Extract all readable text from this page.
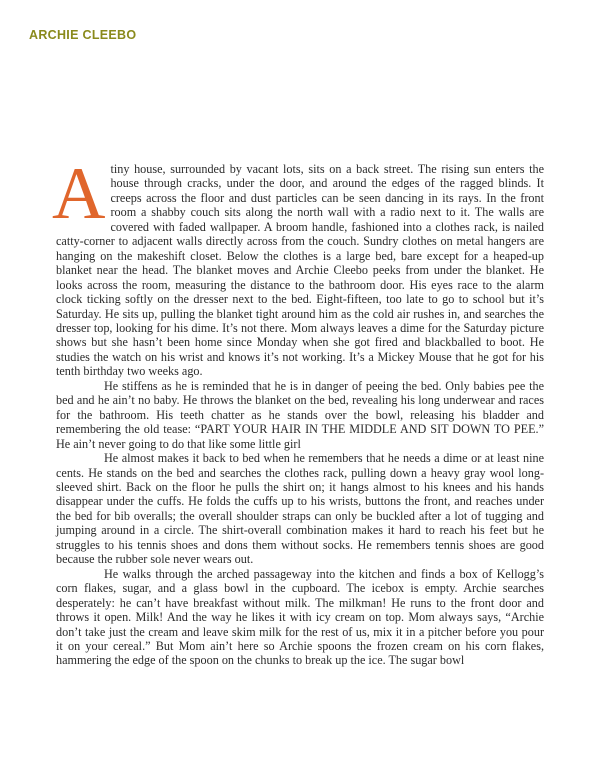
ARCHIE CLEEBO

A tiny house, surrounded by vacant lots, sits on a back street. The rising sun enters the house through cracks, under the door, and around the edges of the ragged blinds. It creeps across the floor and dust particles can be seen dancing in its rays. In the front room a shabby couch sits along the north wall with a radio next to it. The walls are covered with faded wallpaper. A broom handle, fashioned into a clothes rack, is nailed catty-corner to adjacent walls directly across from the couch. Sundry clothes on metal hangers are hanging on the makeshift closet. Below the clothes is a large bed, bare except for a heaped-up blanket near the head. The blanket moves and Archie Cleebo peeks from under the blanket. He looks across the room, measuring the distance to the bathroom door. His eyes race to the alarm clock ticking softly on the dresser next to the bed. Eight-fifteen, too late to go to school but it’s Saturday. He sits up, pulling the blanket tight around him as the cold air rushes in, and searches the dresser top, looking for his dime. It’s not there. Mom always leaves a dime for the Saturday picture shows but she hasn’t been home since Monday when she got fired and blackballed to boot. He studies the watch on his wrist and knows it’s not working. It’s a Mickey Mouse that he got for his tenth birthday two weeks ago.

He stiffens as he is reminded that he is in danger of peeing the bed. Only babies pee the bed and he ain’t no baby. He throws the blanket on the bed, revealing his long underwear and races for the bathroom. His teeth chatter as he stands over the bowl, releasing his bladder and remembering the old tease: “PART YOUR HAIR IN THE MIDDLE AND SIT DOWN TO PEE.” He ain’t never going to do that like some little girl

He almost makes it back to bed when he remembers that he needs a dime or at least nine cents. He stands on the bed and searches the clothes rack, pulling down a heavy gray wool long-sleeved shirt. Back on the floor he pulls the shirt on; it hangs almost to his knees and his hands disappear under the cuffs. He folds the cuffs up to his wrists, buttons the front, and reaches under the bed for bib overalls; the overall shoulder straps can only be buckled after a lot of tugging and jumping around in a circle. The shirt-overall combination makes it hard to reach his feet but he struggles to his tennis shoes and dons them without socks. He remembers tennis shoes are good because the rubber sole never wears out.

He walks through the arched passageway into the kitchen and finds a box of Kellogg’s corn flakes, sugar, and a glass bowl in the cupboard. The icebox is empty. Archie searches desperately: he can’t have breakfast without milk. The milkman! He runs to the front door and throws it open. Milk! And the way he likes it with icy cream on top. Mom always says, “Archie don’t take just the cream and leave skim milk for the rest of us, mix it in a pitcher before you pour it on your cereal.” But Mom ain’t here so Archie spoons the frozen cream on his corn flakes, hammering the edge of the spoon on the chunks to break up the ice. The sugar bowl
